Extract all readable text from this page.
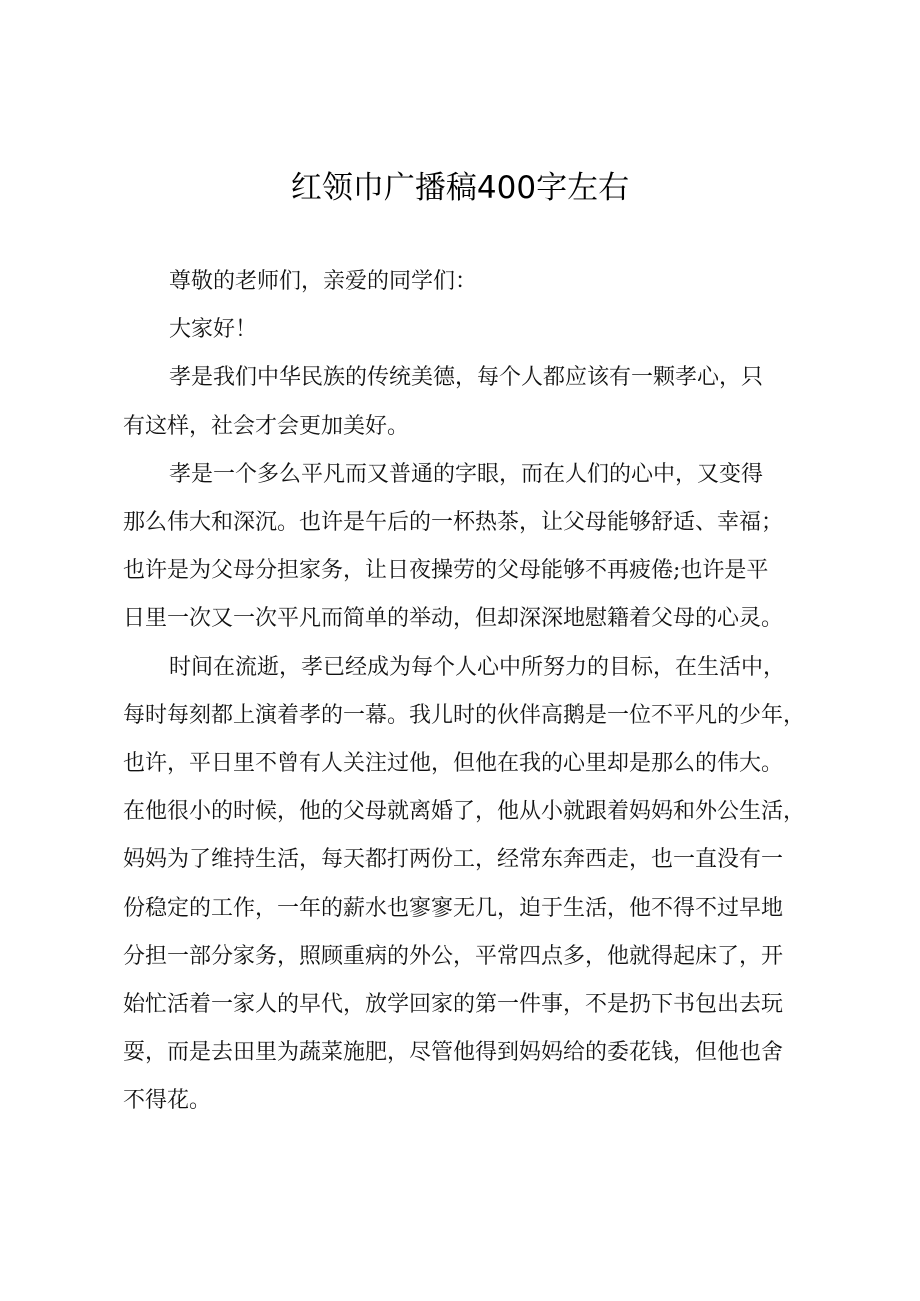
红领巾广播稿400字左右

尊敬的老师们，亲爱的同学们：

大家好！

孝是我们中华民族的传统美德，每个人都应该有一颗孝心，只
有这样，社会才会更加美好。

孝是一个多么平凡而又普通的字眼，而在人们的心中，又变得
那么伟大和深沉。也许是午后的一杯热茶，让父母能够舒适、幸福；
也许是为父母分担家务，让日夜操劳的父母能够不再疲倦;也许是平
日里一次又一次平凡而简单的举动，但却深深地慰籍着父母的心灵。

时间在流逝，孝已经成为每个人心中所努力的目标，在生活中，
每时每刻都上演着孝的一幕。我儿时的伙伴高鹅是一位不平凡的少年，
也许，平日里不曾有人关注过他，但他在我的心里却是那么的伟大。
在他很小的时候，他的父母就离婚了，他从小就跟着妈妈和外公生活，
妈妈为了维持生活，每天都打两份工，经常东奔西走，也一直没有一
份稳定的工作，一年的薪水也寥寥无几，迫于生活，他不得不过早地
分担一部分家务，照顾重病的外公，平常四点多，他就得起床了，开
始忙活着一家人的早代，放学回家的第一件事，不是扔下书包出去玩
耍，而是去田里为蔬菜施肥，尽管他得到妈妈给的委花钱，但他也舍
不得花。
